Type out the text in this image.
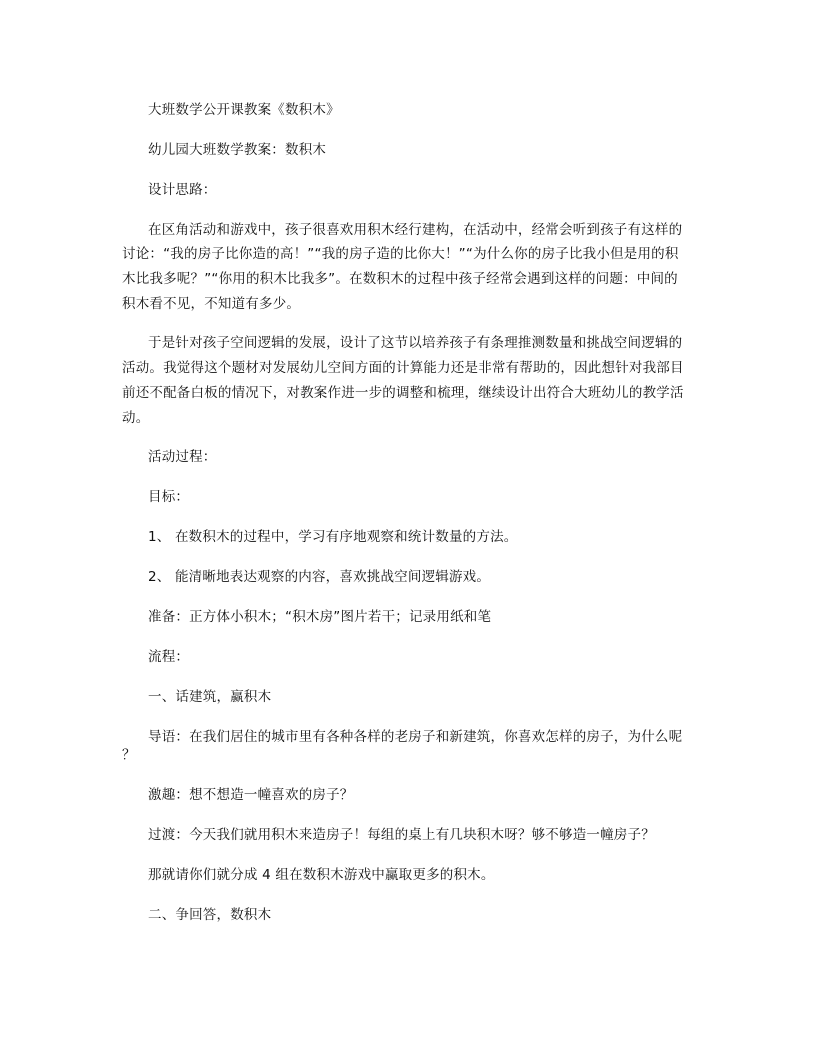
大班数学公开课教案《数积木》
幼儿园大班数学教案：数积木
设计思路：
在区角活动和游戏中，孩子很喜欢用积木经行建构，在活动中，经常会听到孩子有这样的
讨论：“我的房子比你造的高！”“我的房子造的比你大！”“为什么你的房子比我小但是用的积
木比我多呢？”“你用的积木比我多”。在数积木的过程中孩子经常会遇到这样的问题：中间的
积木看不见，不知道有多少。
于是针对孩子空间逻辑的发展，设计了这节以培养孩子有条理推测数量和挑战空间逻辑的
活动。我觉得这个题材对发展幼儿空间方面的计算能力还是非常有帮助的，因此想针对我部目
前还不配备白板的情况下，对教案作进一步的调整和梳理，继续设计出符合大班幼儿的教学活
动。
活动过程：
目标：
1、 在数积木的过程中，学习有序地观察和统计数量的方法。
2、 能清晰地表达观察的内容，喜欢挑战空间逻辑游戏。
准备：正方体小积木；“积木房”图片若干；记录用纸和笔
流程：
一、话建筑，赢积木
导语：在我们居住的城市里有各种各样的老房子和新建筑，你喜欢怎样的房子，为什么呢
？
激趣：想不想造一幢喜欢的房子？
过渡：今天我们就用积木来造房子！每组的桌上有几块积木呀？够不够造一幢房子？
那就请你们就分成 4 组在数积木游戏中赢取更多的积木。
二、争回答，数积木
